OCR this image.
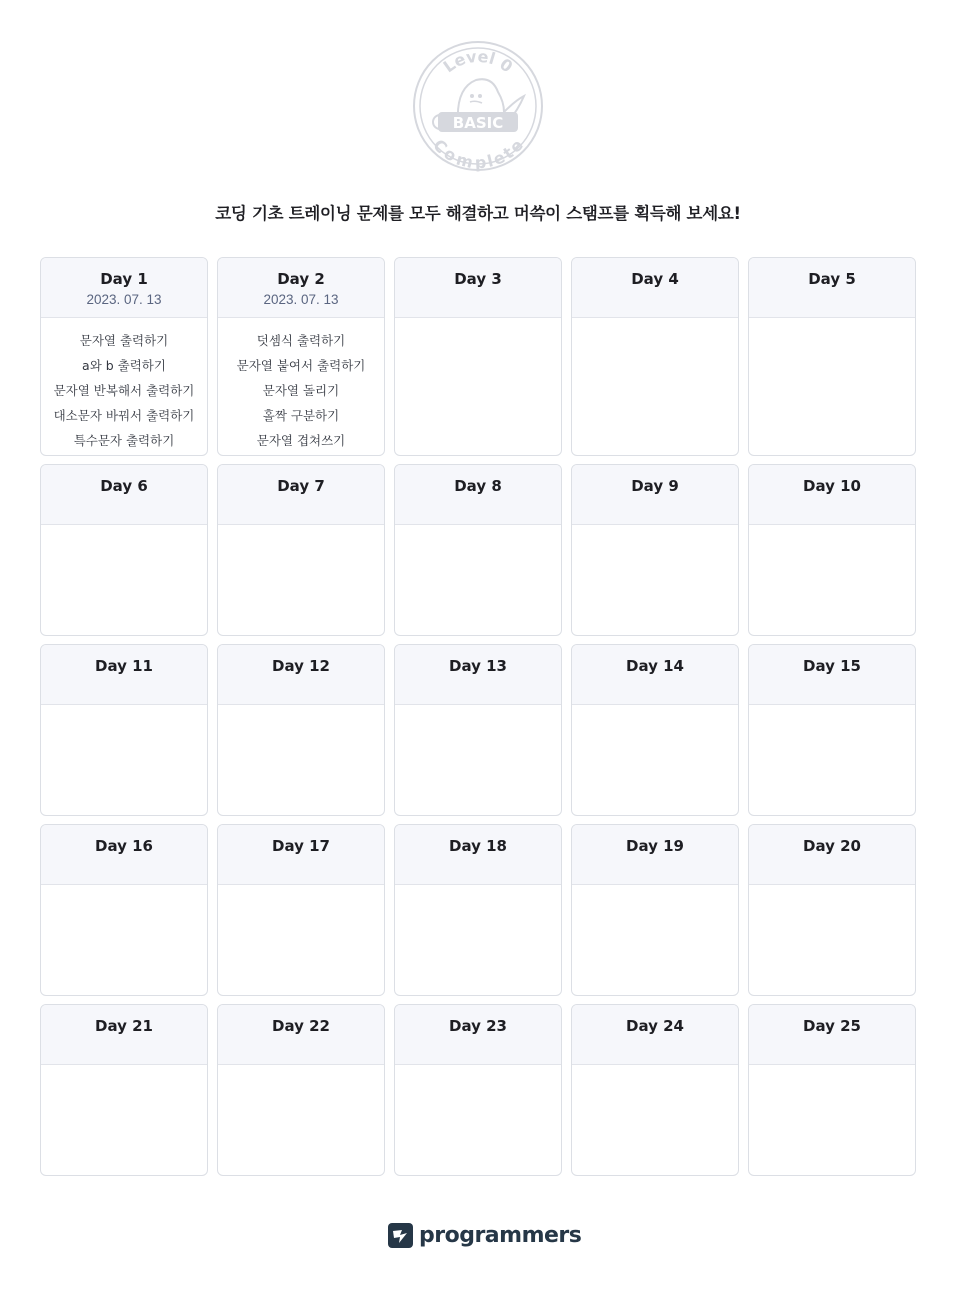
Level 0
Complete
BASIC
코딩 기초 트레이닝 문제를 모두 해결하고 머쓱이 스탬프를 획득해 보세요!
Day 1
2023. 07. 13
문자열 출력하기
a와 b 출력하기
문자열 반복해서 출력하기
대소문자 바꿔서 출력하기
특수문자 출력하기
Day 2
2023. 07. 13
덧셈식 출력하기
문자열 붙여서 출력하기
문자열 돌리기
홀짝 구분하기
문자열 겹쳐쓰기
Day 3	Day 4	Day 5
Day 6	Day 7	Day 8	Day 9	Day 10
Day 11	Day 12	Day 13	Day 14	Day 15
Day 16	Day 17	Day 18	Day 19	Day 20
Day 21	Day 22	Day 23	Day 24	Day 25
programmers
